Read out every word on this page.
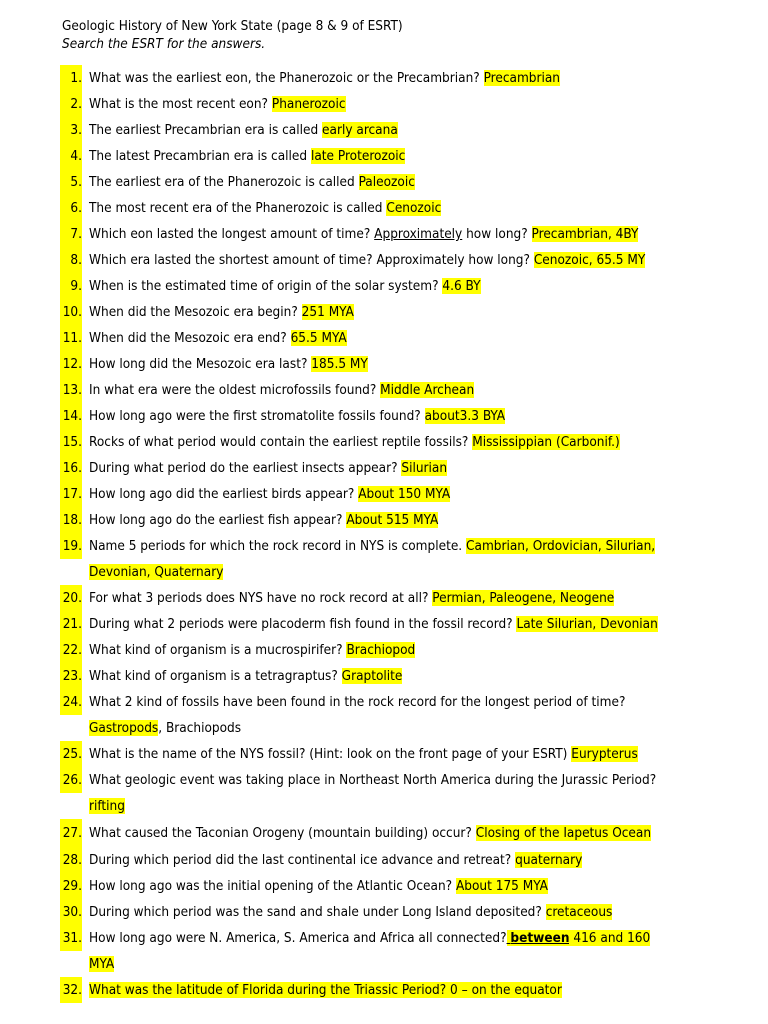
Geologic History of New York State (page 8 & 9 of ESRT)
Search the ESRT for the answers.
1. What was the earliest eon, the Phanerozoic or the Precambrian? Precambrian
2. What is the most recent eon? Phanerozoic
3. The earliest Precambrian era is called early arcana
4. The latest Precambrian era is called late Proterozoic
5. The earliest era of the Phanerozoic is called Paleozoic
6. The most recent era of the Phanerozoic is called Cenozoic
7. Which eon lasted the longest amount of time? Approximately how long? Precambrian, 4BY
8. Which era lasted the shortest amount of time? Approximately how long? Cenozoic, 65.5 MY
9. When is the estimated time of origin of the solar system? 4.6 BY
10. When did the Mesozoic era begin? 251 MYA
11. When did the Mesozoic era end? 65.5 MYA
12. How long did the Mesozoic era last? 185.5 MY
13. In what era were the oldest microfossils found? Middle Archean
14. How long ago were the first stromatolite fossils found? about3.3 BYA
15. Rocks of what period would contain the earliest reptile fossils? Mississippian (Carbonif.)
16. During what period do the earliest insects appear? Silurian
17. How long ago did the earliest birds appear? About 150 MYA
18. How long ago do the earliest fish appear? About 515 MYA
19. Name 5 periods for which the rock record in NYS is complete. Cambrian, Ordovician, Silurian,
Devonian, Quaternary
20. For what 3 periods does NYS have no rock record at all? Permian, Paleogene, Neogene
21. During what 2 periods were placoderm fish found in the fossil record? Late Silurian, Devonian
22. What kind of organism is a mucrospirifer? Brachiopod
23. What kind of organism is a tetragraptus? Graptolite
24. What 2 kind of fossils have been found in the rock record for the longest period of time?
Gastropods, Brachiopods
25. What is the name of the NYS fossil? (Hint: look on the front page of your ESRT) Eurypterus
26. What geologic event was taking place in Northeast North America during the Jurassic Period?
rifting
27. What caused the Taconian Orogeny (mountain building) occur? Closing of the Iapetus Ocean
28. During which period did the last continental ice advance and retreat? quaternary
29. How long ago was the initial opening of the Atlantic Ocean? About 175 MYA
30. During which period was the sand and shale under Long Island deposited? cretaceous
31. How long ago were N. America, S. America and Africa all connected? between 416 and 160
MYA
32. What was the latitude of Florida during the Triassic Period? 0 – on the equator
